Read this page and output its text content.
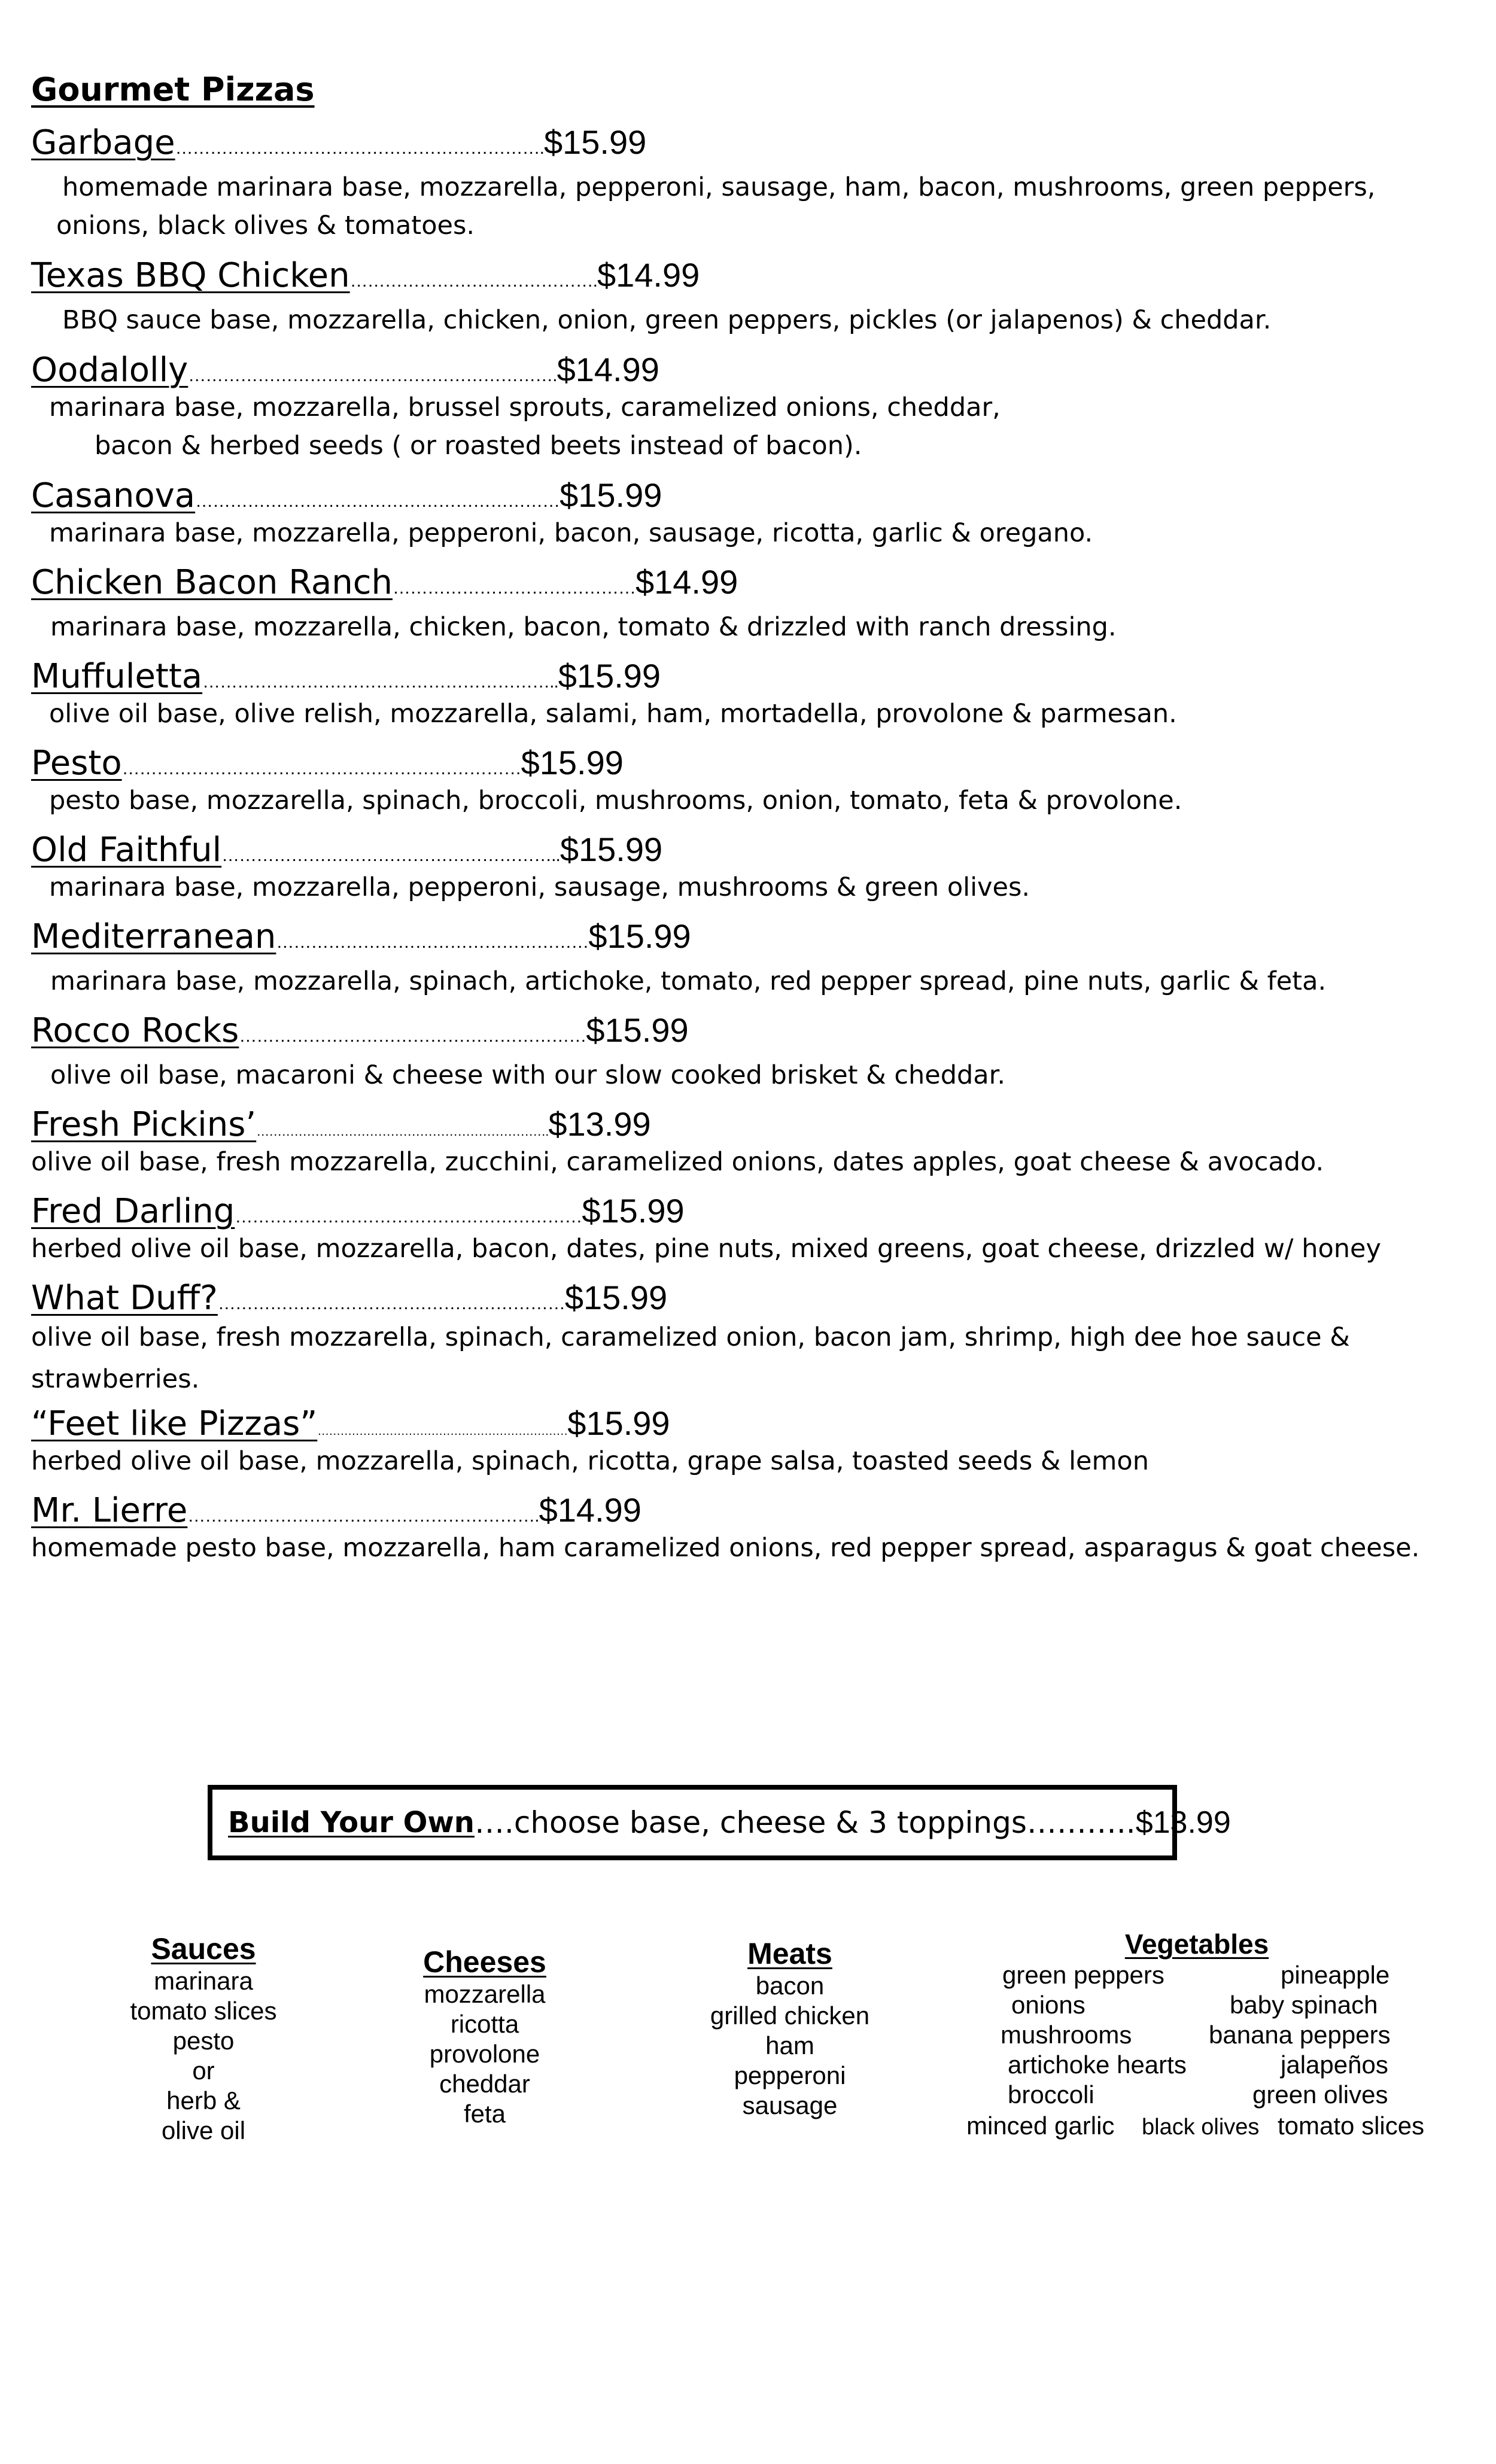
Gourmet Pizzas
Garbage……………………………………………………….$15.99
homemade marinara base, mozzarella, pepperoni, sausage, ham, bacon, mushrooms, green peppers,
onions, black olives & tomatoes.
Texas BBQ Chicken…………………………………….$14.99
BBQ sauce base, mozzarella, chicken, onion, green peppers, pickles (or jalapenos) & cheddar.
Oodalolly……………………………………………………….$14.99
marinara base, mozzarella, brussel sprouts, caramelized onions, cheddar,
bacon & herbed seeds ( or roasted beets instead of bacon).
Casanova………………………………………………………$15.99
marinara base, mozzarella, pepperoni, bacon, sausage, ricotta, garlic & oregano.
Chicken Bacon Ranch……………………………………$14.99
marinara base, mozzarella, chicken, bacon, tomato & drizzled with ranch dressing.
Muffuletta……………………………………………………..$15.99
olive oil base, olive relish, mozzarella, salami, ham, mortadella, provolone & parmesan.
Pesto……………………………………………………………$15.99
pesto base, mozzarella, spinach, broccoli, mushrooms, onion, tomato, feta & provolone.
Old Faithful…………………………………………………..$15.99
marinara base, mozzarella, pepperoni, sausage, mushrooms & green olives.
Mediterranean………………………………………………$15.99
marinara base, mozzarella, spinach, artichoke, tomato, red pepper spread, pine nuts, garlic & feta.
Rocco Rocks……………………………………………………$15.99
olive oil base, macaroni & cheese with our slow cooked brisket & cheddar.
Fresh Pickins’…………………………………………………………….$13.99
olive oil base, fresh mozzarella, zucchini, caramelized onions, dates apples, goat cheese & avocado.
Fred Darling……………………………………………………$15.99
herbed olive oil base, mozzarella, bacon, dates, pine nuts, mixed greens, goat cheese, drizzled w/ honey
What Duff?……………………………………………………$15.99
olive oil base, fresh mozzarella, spinach, caramelized onion, bacon jam, shrimp, high dee hoe sauce &
strawberries.
“Feet like Pizzas”…………………………………………………………$15.99
herbed olive oil base, mozzarella, spinach, ricotta, grape salsa, toasted seeds & lemon
Mr. Lierre…………………………………………………….$14.99
homemade pesto base, mozzarella, ham caramelized onions, red pepper spread, asparagus & goat cheese.
Build Your Own ….choose base, cheese & 3 toppings……….. $13.99
Sauces
marinara
tomato slices
pesto
or
herb &
olive oil
Cheeses
mozzarella
ricotta
provolone
cheddar
feta
Meats
bacon
grilled chicken
ham
pepperoni
sausage
Vegetables
green peppers
onions
mushrooms
artichoke hearts
broccoli
minced garlic
pineapple
baby spinach
banana peppers
jalapeños
green olives
black olives tomato slices
